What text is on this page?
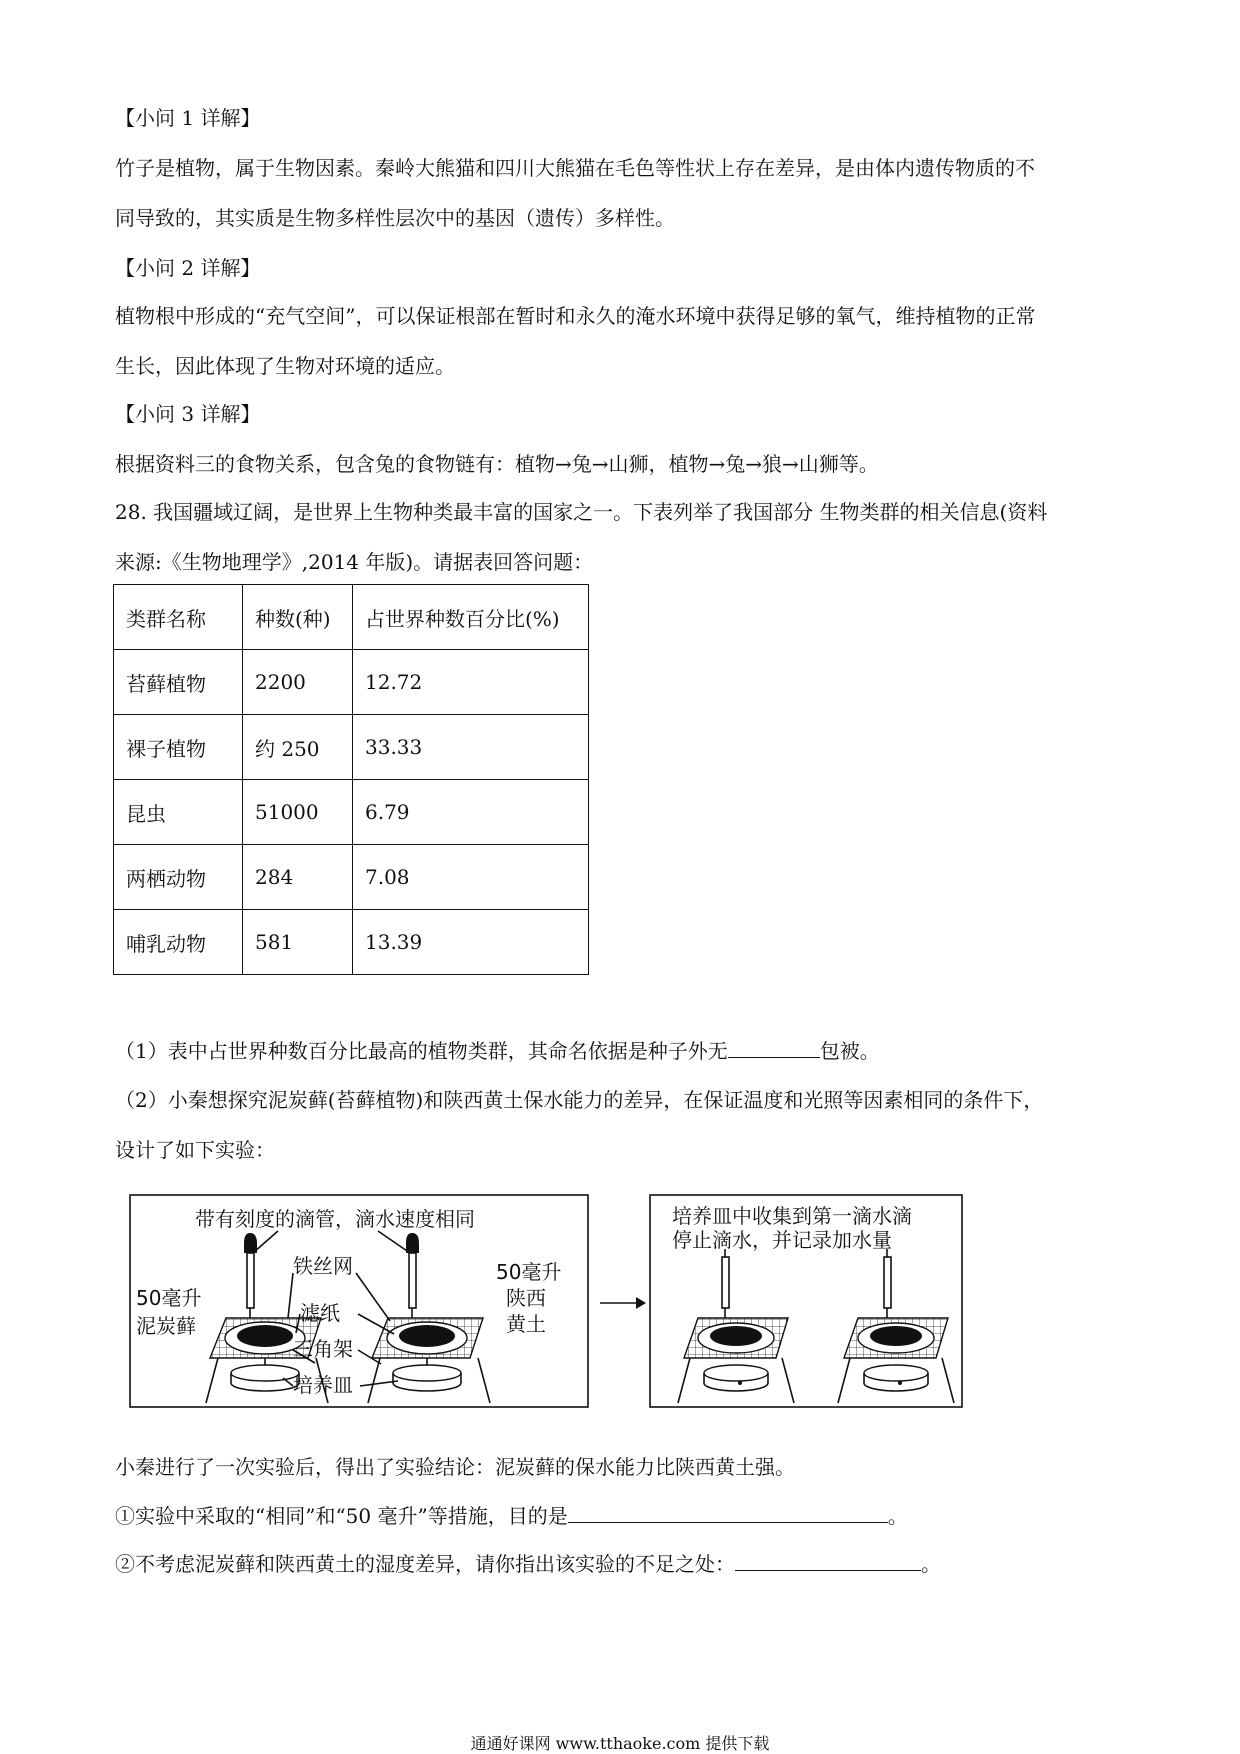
【小问 1 详解】
竹子是植物，属于生物因素。秦岭大熊猫和四川大熊猫在毛色等性状上存在差异，是由体内遗传物质的不
同导致的，其实质是生物多样性层次中的基因（遗传）多样性。
【小问 2 详解】
植物根中形成的“充气空间”，可以保证根部在暂时和永久的淹水环境中获得足够的氧气，维持植物的正常
生长，因此体现了生物对环境的适应。
【小问 3 详解】
根据资料三的食物关系，包含兔的食物链有：植物→兔→山狮，植物→兔→狼→山狮等。
28. 我国疆域辽阔，是世界上生物种类最丰富的国家之一。下表列举了我国部分 生物类群的相关信息(资料
来源:《生物地理学》,2014 年版)。请据表回答问题：
类群名称	种数(种)	占世界种数百分比(%)
苔藓植物	2200	12.72
裸子植物	约 250	33.33
昆虫	51000	6.79
两栖动物	284	7.08
哺乳动物	581	13.39
（1）表中占世界种数百分比最高的植物类群，其命名依据是种子外无	包被。
（2）小秦想探究泥炭藓(苔藓植物)和陕西黄土保水能力的差异，在保证温度和光照等因素相同的条件下，
设计了如下实验：
带有刻度的滴管，滴水速度相同
铁丝网
滤纸
三角架
培养皿
50毫升
泥炭藓
50毫升
陕西
黄土
培养皿中收集到第一滴水滴
停止滴水，并记录加水量
小秦进行了一次实验后，得出了实验结论：泥炭藓的保水能力比陕西黄土强。
①实验中采取的“相同”和“50 毫升”等措施，目的是	。
②不考虑泥炭藓和陕西黄土的湿度差异，请你指出该实验的不足之处：	。
通通好课网 www.tthaoke.com 提供下载
